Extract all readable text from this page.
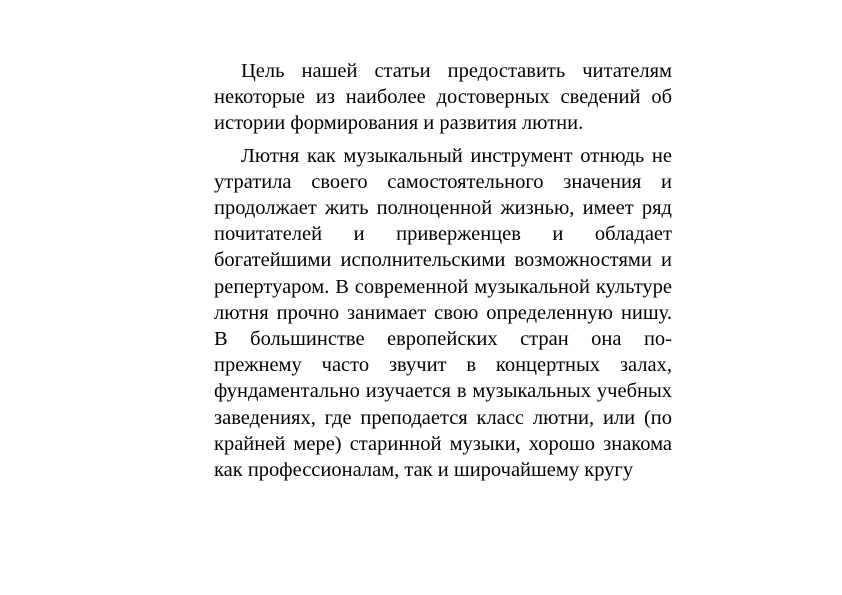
Цель нашей статьи предоставить читателям некоторые из наиболее достоверных сведений об истории формирования и развития лютни.

Лютня как музыкальный инструмент отнюдь не утратила своего самостоятельного значения и продолжает жить полноценной жизнью, имеет ряд почитателей и приверженцев и обладает богатейшими исполнительскими возможностями и репертуаром. В современной музыкальной культуре лютня прочно занимает свою определенную нишу. В большинстве европейских стран она по-прежнему часто звучит в концертных залах, фундаментально изучается в музыкальных учебных заведениях, где преподается класс лютни, или (по крайней мере) старинной музыки, хорошо знакома как профессионалам, так и широчайшему кругу
